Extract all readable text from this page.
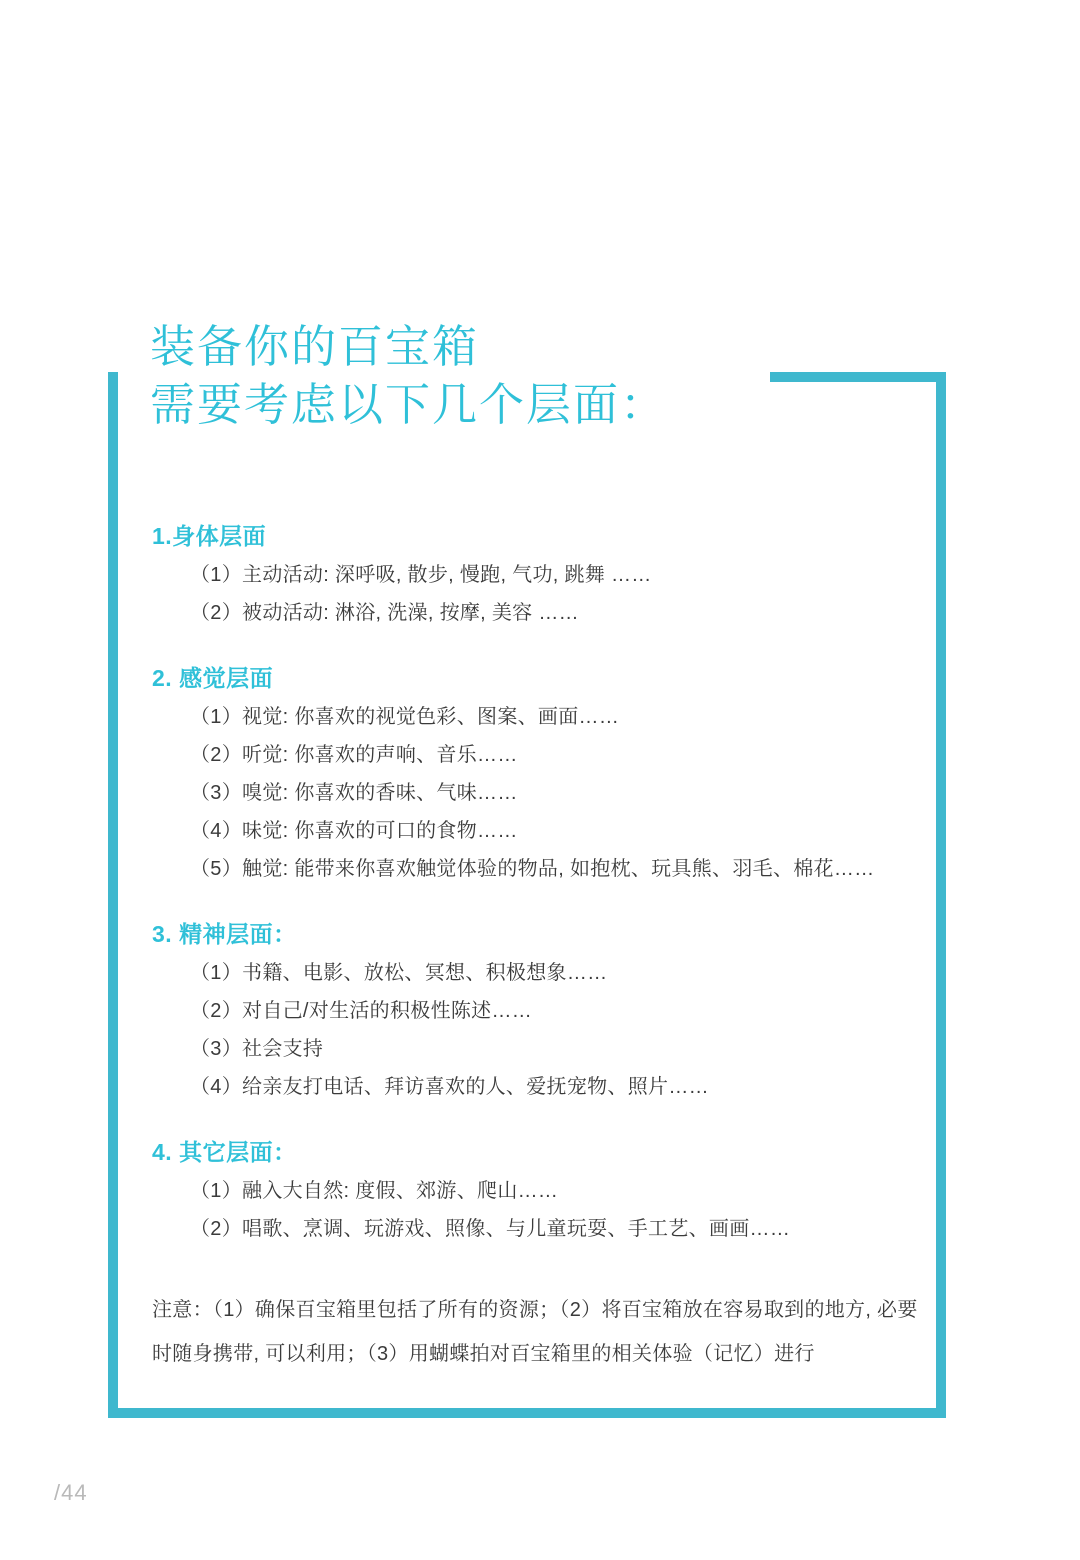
装备你的百宝箱
需要考虑以下几个层面：
1.身体层面
（1）主动活动: 深呼吸, 散步, 慢跑, 气功, 跳舞 ……
（2）被动活动: 淋浴, 洗澡, 按摩, 美容 ……
2. 感觉层面
（1）视觉: 你喜欢的视觉色彩、图案、画面……
（2）听觉: 你喜欢的声响、音乐……
（3）嗅觉: 你喜欢的香味、气味……
（4）味觉: 你喜欢的可口的食物……
（5）触觉: 能带来你喜欢触觉体验的物品, 如抱枕、玩具熊、羽毛、棉花……
3. 精神层面：
（1）书籍、电影、放松、冥想、积极想象……
（2）对自己/对生活的积极性陈述……
（3）社会支持
（4）给亲友打电话、拜访喜欢的人、爱抚宠物、照片……
4. 其它层面：
（1）融入大自然: 度假、郊游、爬山……
（2）唱歌、烹调、玩游戏、照像、与儿童玩耍、手工艺、画画……
注意：（1）确保百宝箱里包括了所有的资源；（2）将百宝箱放在容易取到的地方, 必要时随身携带, 可以利用；（3）用蝴蝶拍对百宝箱里的相关体验（记忆）进行
/44
